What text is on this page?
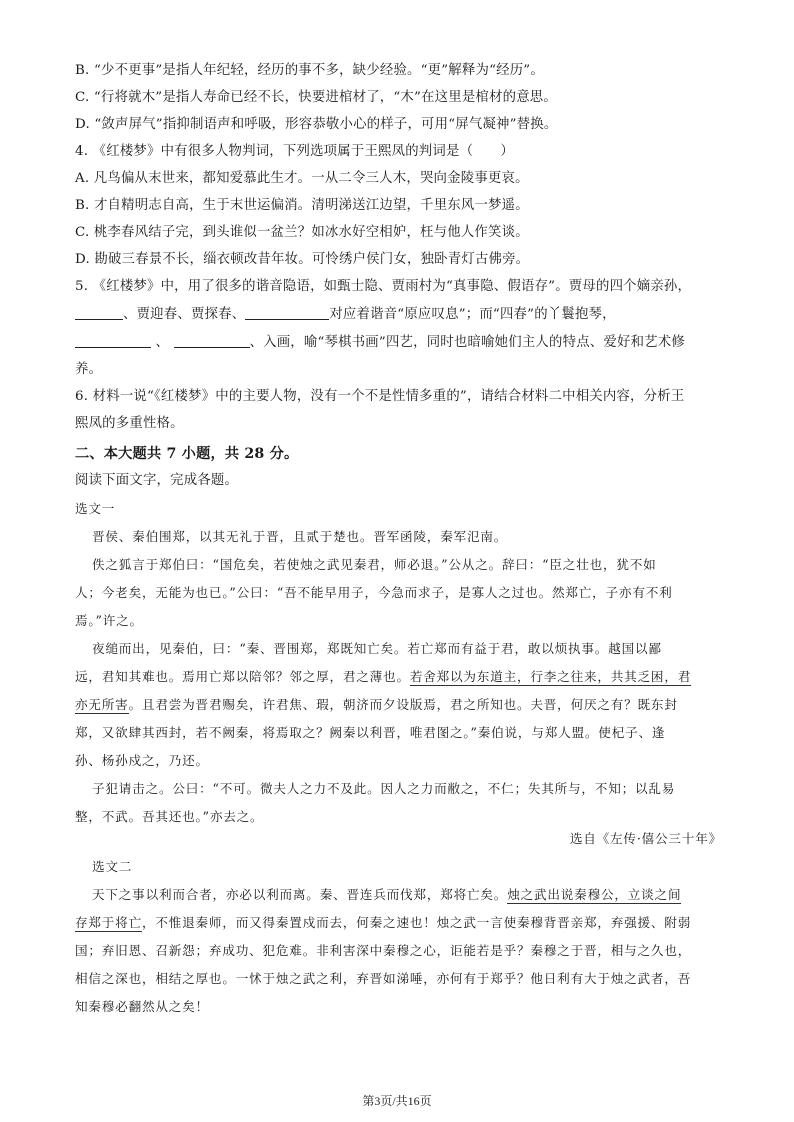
B. “少不更事”是指人年纪轻，经历的事不多，缺少经验。“更”解释为“经历”。
C. “行将就木”是指人寿命已经不长，快要进棺材了，“木”在这里是棺材的意思。
D. “敛声屏气”指抑制语声和呼吸，形容恭敬小心的样子，可用“屏气凝神”替换。
4. 《红楼梦》中有很多人物判词，下列选项属于王熙凤的判词是（　　）
A. 凡鸟偏从末世来，都知爱慕此生才。一从二令三人木，哭向金陵事更哀。
B. 才自精明志自高，生于末世运偏消。清明涕送江边望，千里东风一梦遥。
C. 桃李春风结子完，到头谁似一盆兰？如冰水好空相妒，枉与他人作笑谈。
D. 勘破三春景不长，缁衣顿改昔年妆。可怜绣户侯门女，独卧青灯古佛旁。
5. 《红楼梦》中，用了很多的谐音隐语，如甄士隐、贾雨村为“真事隐、假语存”。贾母的四个嫡亲孙，
、贾迎春、贾探春、	对应着谐音“原应叹息”；而“四春”的丫鬟抱琴，
、	、入画，喻“琴棋书画”四艺，同时也暗喻她们主人的特点、爱好和艺术修
养。
6. 材料一说“《红楼梦》中的主要人物，没有一个不是性情多重的”，请结合材料二中相关内容，分析王
熙凤的多重性格。
二、本大题共 7 小题，共 28 分。
阅读下面文字，完成各题。
选文一
晋侯、秦伯围郑，以其无礼于晋，且贰于楚也。晋军函陵，秦军氾南。
佚之狐言于郑伯曰：“国危矣，若使烛之武见秦君，师必退。”公从之。辞曰：“臣之壮也，犹不如
人；今老矣，无能为也已。”公曰：“吾不能早用子，今急而求子，是寡人之过也。然郑亡，子亦有不利
焉。”许之。
夜缒而出，见秦伯，曰：“秦、晋围郑，郑既知亡矣。若亡郑而有益于君，敢以烦执事。越国以鄙
远，君知其难也。焉用亡郑以陪邻？邻之厚，君之薄也。若舍郑以为东道主，行李之往来，共其乏困，君
亦无所害。且君尝为晋君赐矣，许君焦、瑕，朝济而夕设版焉，君之所知也。夫晋，何厌之有？既东封
郑，又欲肆其西封，若不阙秦，将焉取之？阙秦以利晋，唯君图之。”秦伯说，与郑人盟。使杞子、逢
孙、杨孙戍之，乃还。
子犯请击之。公曰：“不可。微夫人之力不及此。因人之力而敝之，不仁；失其所与，不知；以乱易
整，不武。吾其还也。”亦去之。
选自《左传·僖公三十年》
选文二
天下之事以利而合者，亦必以利而离。秦、晋连兵而伐郑，郑将亡矣。烛之武出说秦穆公，立谈之间
存郑于将亡，不惟退秦师，而又得秦置戍而去，何秦之速也！烛之武一言使秦穆背晋亲郑，弃强援、附弱
国；弃旧恩、召新怨；弃成功、犯危难。非利害深中秦穆之心，讵能若是乎？秦穆之于晋，相与之久也，
相信之深也，相结之厚也。一怵于烛之武之利，弃晋如涕唾，亦何有于郑乎？他日利有大于烛之武者，吾
知秦穆必翻然从之矣！
第3页/共16页
